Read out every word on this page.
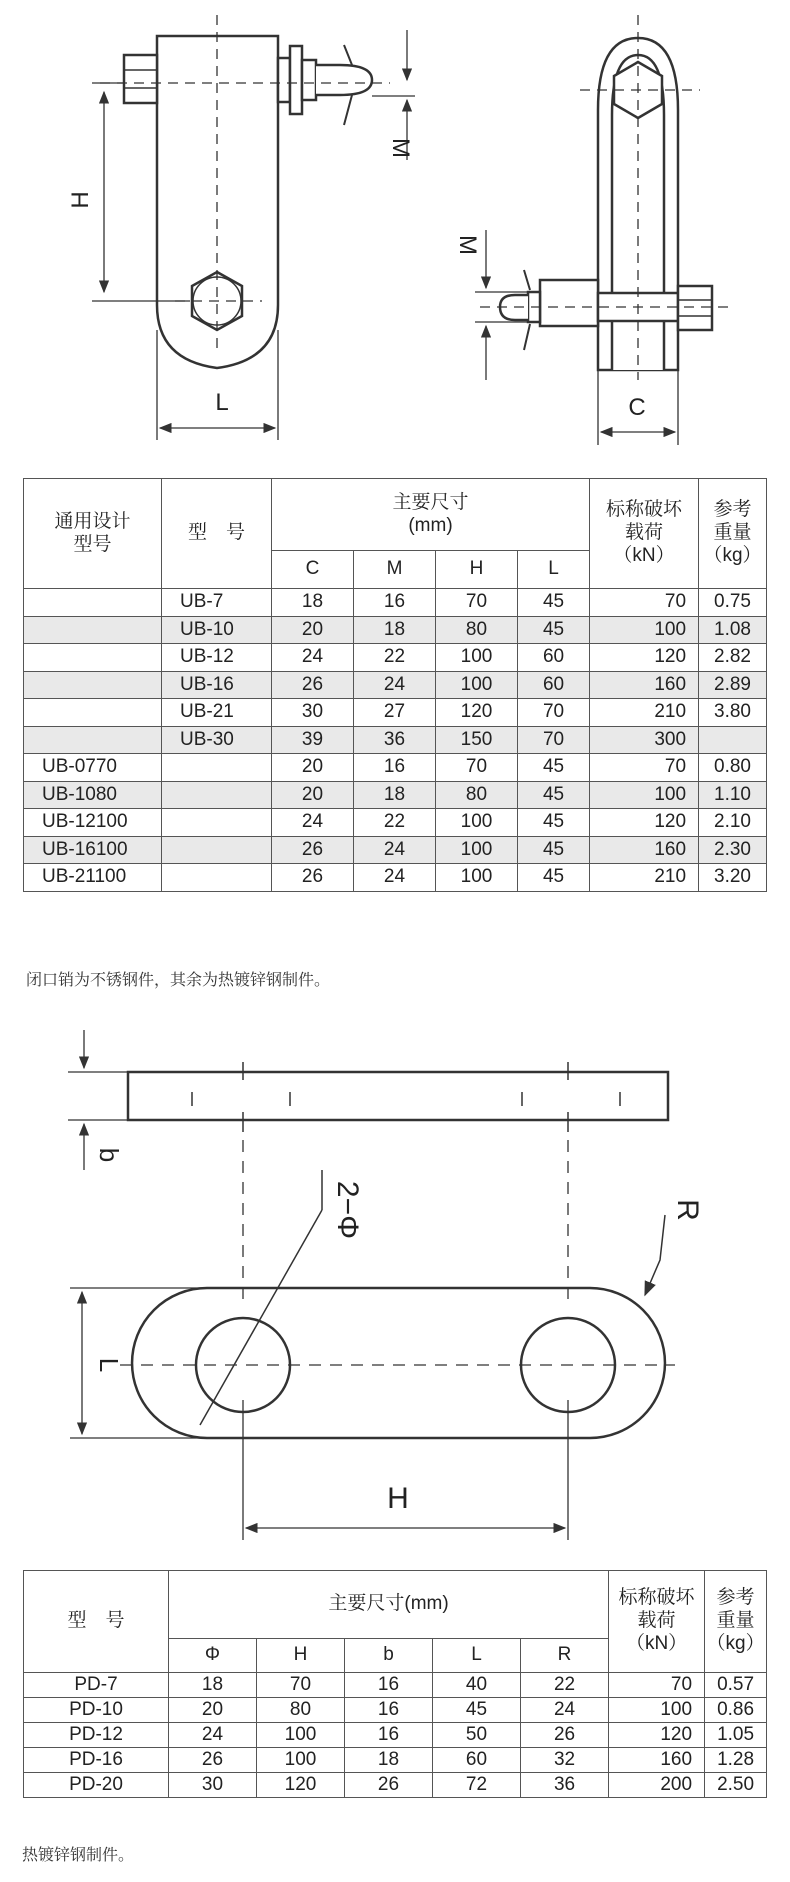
H
L
M
M
C
通用设计
型号	型　号	主要尺寸
(mm)				标称破坏
载荷
（kN）	参考
重量
（kg）
		C	M	H	L		
	UB-7	18	16	70	45	70	0.75
	UB-10	20	18	80	45	100	1.08
	UB-12	24	22	100	60	120	2.82
	UB-16	26	24	100	60	160	2.89
	UB-21	30	27	120	70	210	3.80
	UB-30	39	36	150	70	300	
UB-0770		20	16	70	45	70	0.80
UB-1080		20	18	80	45	100	1.10
UB-12100		24	22	100	45	120	2.10
UB-16100		26	24	100	45	160	2.30
UB-21100		26	24	100	45	210	3.20
闭口销为不锈钢件，其余为热镀锌钢制件。
b
2−Φ	R
L
H
型　号	主要尺寸(mm)					标称破坏
载荷
（kN）	参考
重量
（kg）
	Φ	H	b	L	R		
PD-7	18	70	16	40	22	70	0.57
PD-10	20	80	16	45	24	100	0.86
PD-12	24	100	16	50	26	120	1.05
PD-16	26	100	18	60	32	160	1.28
PD-20	30	120	26	72	36	200	2.50
热镀锌钢制件。
